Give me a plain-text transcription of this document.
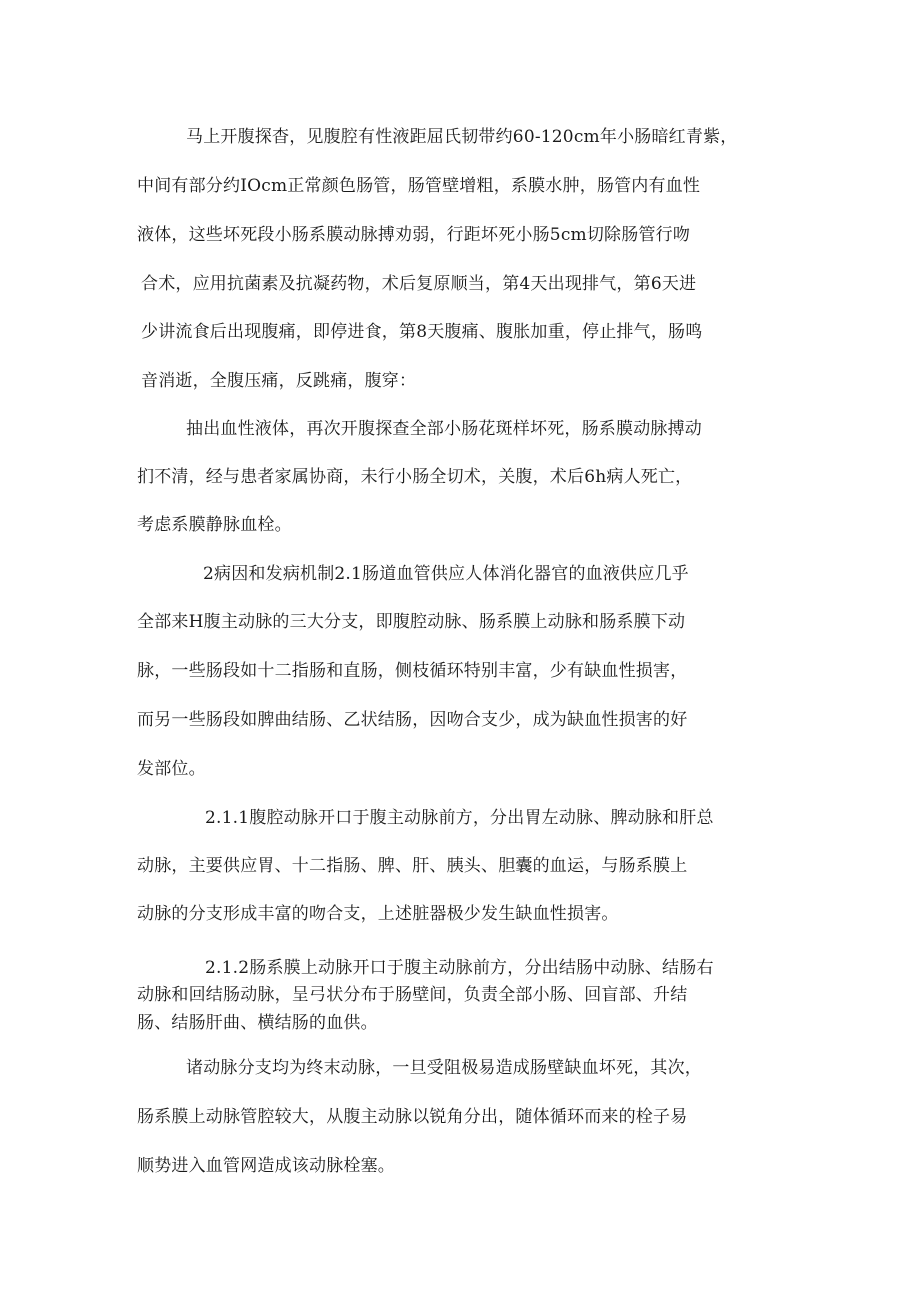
马上开腹探杳，见腹腔有性液距屈氏韧带约60-120cm年小肠暗红青紫，
中间有部分约IOcm正常颜色肠管，肠管壁增粗，系膜水肿，肠管内有血性
液体，这些坏死段小肠系膜动脉搏劝弱，行距坏死小肠5cm切除肠管行吻
合术，应用抗菌素及抗凝药物，术后复原顺当，第4天出现排气，第6天进
少讲流食后出现腹痛，即停进食，第8天腹痛、腹胀加重，停止排气，肠鸣
音消逝，全腹压痛，反跳痛，腹穿：
抽出血性液体，再次开腹探查全部小肠花斑样坏死，肠系膜动脉搏动
扪不清，经与患者家属协商，未行小肠全切术，关腹，术后6h病人死亡，
考虑系膜静脉血栓。
2病因和发病机制2.1肠道血管供应人体消化器官的血液供应几乎
全部来H腹主动脉的三大分支，即腹腔动脉、肠系膜上动脉和肠系膜下动
脉，一些肠段如十二指肠和直肠，侧枝循环特别丰富，少有缺血性损害，
而另一些肠段如脾曲结肠、乙状结肠，因吻合支少，成为缺血性损害的好
发部位。
2.1.1腹腔动脉开口于腹主动脉前方，分出胃左动脉、脾动脉和肝总
动脉，主要供应胃、十二指肠、脾、肝、胰头、胆囊的血运，与肠系膜上
动脉的分支形成丰富的吻合支，上述脏器极少发生缺血性损害。
2.1.2肠系膜上动脉开口于腹主动脉前方，分出结肠中动脉、结肠右
动脉和回结肠动脉，呈弓状分布于肠壁间，负责全部小肠、回盲部、升结
肠、结肠肝曲、横结肠的血供。
诸动脉分支均为终末动脉，一旦受阻极易造成肠壁缺血坏死，其次，
肠系膜上动脉管腔较大，从腹主动脉以锐角分出，随体循环而来的栓子易
顺势进入血管网造成该动脉栓塞。
